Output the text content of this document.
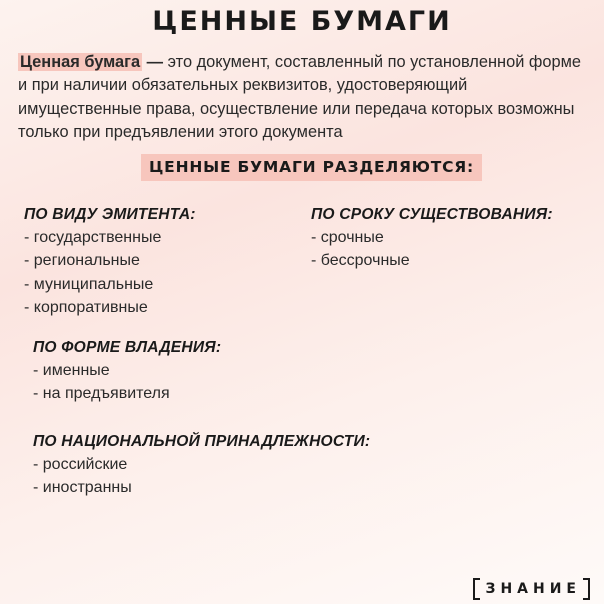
ЦЕННЫЕ БУМАГИ
Ценная бумага — это документ, составленный по установленной форме и при наличии обязательных реквизитов, удостоверяющий имущественные права, осуществление или передача которых возможны только при предъявлении этого документа
ЦЕННЫЕ БУМАГИ РАЗДЕЛЯЮТСЯ:
ПО ВИДУ ЭМИТЕНТА:
- государственные
- региональные
- муниципальные
- корпоративные
ПО СРОКУ СУЩЕСТВОВАНИЯ:
- срочные
- бессрочные
ПО ФОРМЕ ВЛАДЕНИЯ:
- именные
- на предъявителя
ПО НАЦИОНАЛЬНОЙ ПРИНАДЛЕЖНОСТИ:
- российские
- иностранны
ЗНАНИЕ
